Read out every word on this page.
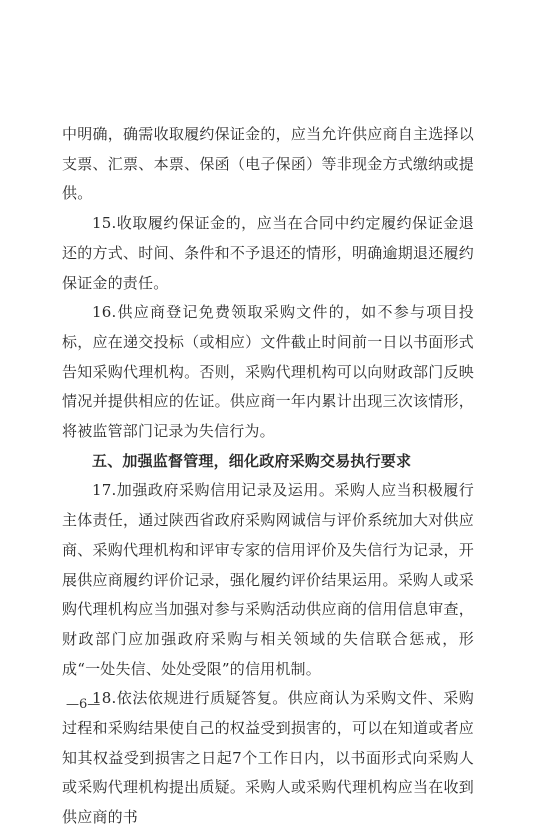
中明确，确需收取履约保证金的，应当允许供应商自主选择以支票、汇票、本票、保函（电子保函）等非现金方式缴纳或提供。

15.收取履约保证金的，应当在合同中约定履约保证金退还的方式、时间、条件和不予退还的情形，明确逾期退还履约保证金的责任。

16.供应商登记免费领取采购文件的，如不参与项目投标，应在递交投标（或相应）文件截止时间前一日以书面形式告知采购代理机构。否则，采购代理机构可以向财政部门反映情况并提供相应的佐证。供应商一年内累计出现三次该情形，将被监管部门记录为失信行为。

五、加强监督管理，细化政府采购交易执行要求

17.加强政府采购信用记录及运用。采购人应当积极履行主体责任，通过陕西省政府采购网诚信与评价系统加大对供应商、采购代理机构和评审专家的信用评价及失信行为记录，开展供应商履约评价记录，强化履约评价结果运用。采购人或采购代理机构应当加强对参与采购活动供应商的信用信息审查，财政部门应加强政府采购与相关领域的失信联合惩戒，形成“一处失信、处处受限”的信用机制。

18.依法依规进行质疑答复。供应商认为采购文件、采购过程和采购结果使自己的权益受到损害的，可以在知道或者应知其权益受到损害之日起7个工作日内，以书面形式向采购人或采购代理机构提出质疑。采购人或采购代理机构应当在收到供应商的书

—6—
